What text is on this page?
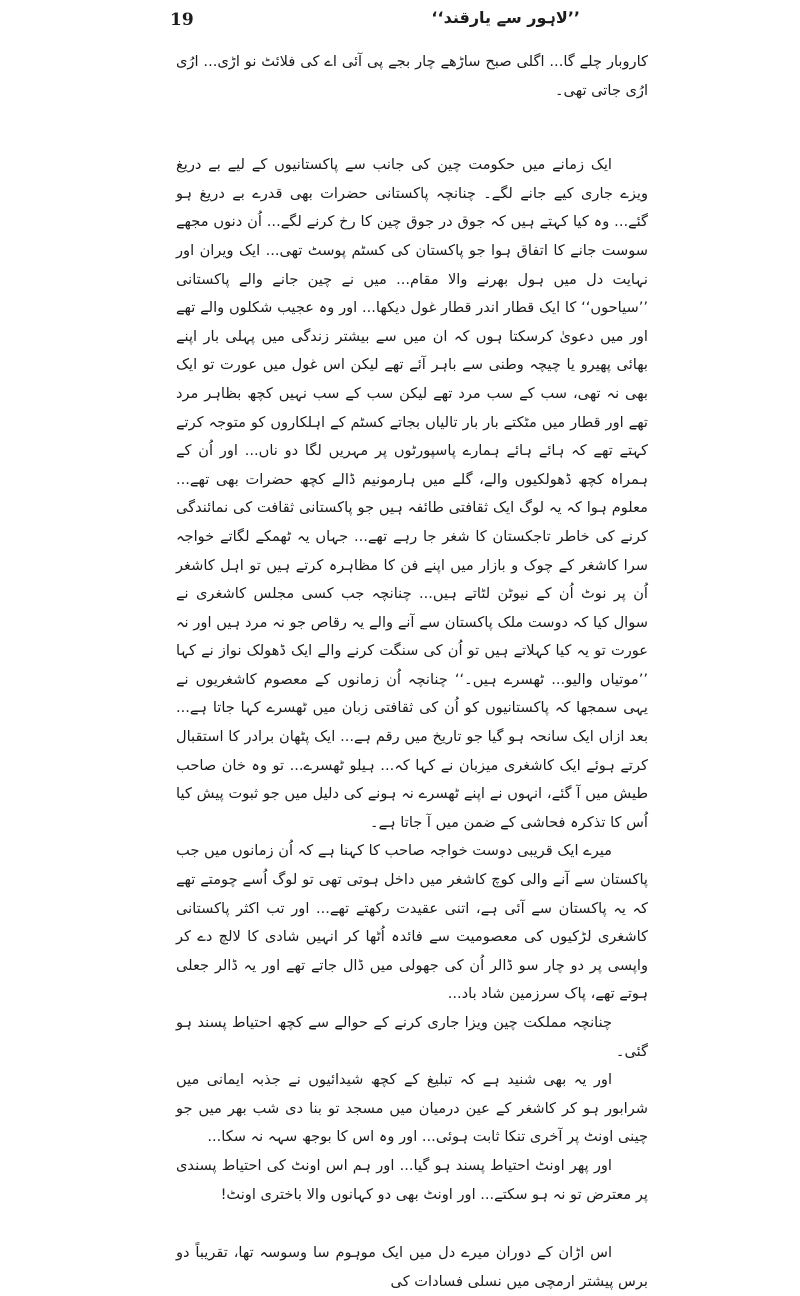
19	’’لاہور سے یارقند‘‘

کاروبار چلے گا... اگلی صبح ساڑھے چار بجے پی آئی اے کی فلائٹ نو اڑی... ارُی ارُی جاتی تھی۔

ایک زمانے میں حکومت چین کی جانب سے پاکستانیوں کے لیے بے دریغ ویزے جاری کیے جانے لگے۔ چنانچہ پاکستانی حضرات بھی قدرے بے دریغ ہو گئے... وہ کیا کہتے ہیں کہ جوق در جوق چین کا رخ کرنے لگے... اُن دنوں مجھے سوست جانے کا اتفاق ہوا جو پاکستان کی کسٹم پوسٹ تھی... ایک ویران اور نہایت دل میں ہول بھرنے والا مقام... میں نے چین جانے والے پاکستانی ’’سیاحوں‘‘ کا ایک قطار اندر قطار غول دیکھا... اور وہ عجیب شکلوں والے تھے اور میں دعویٰ کرسکتا ہوں کہ ان میں سے بیشتر زندگی میں پہلی بار اپنے بھائی پھیرو یا چیچہ وطنی سے باہر آئے تھے لیکن اس غول میں عورت تو ایک بھی نہ تھی، سب کے سب مرد تھے لیکن سب کے سب نہیں کچھ بظاہر مرد تھے اور قطار میں مٹکتے بار بار تالیاں بجاتے کسٹم کے اہلکاروں کو متوجہ کرتے کہتے تھے کہ ہائے ہائے ہمارے پاسپورٹوں پر مہریں لگا دو ناں... اور اُن کے ہمراہ کچھ ڈھولکیوں والے، گلے میں ہارمونیم ڈالے کچھ حضرات بھی تھے... معلوم ہوا کہ یہ لوگ ایک ثقافتی طائفہ ہیں جو پاکستانی ثقافت کی نمائندگی کرنے کی خاطر تاجکستان کا شغر جا رہے تھے... جہاں یہ ٹھمکے لگاتے خواجہ سرا کاشغر کے چوک و بازار میں اپنے فن کا مظاہرہ کرتے ہیں تو اہل کاشغر اُن پر نوٹ اُن کے نیوٹن لٹاتے ہیں... چنانچہ جب کسی مجلس کاشغری نے سوال کیا کہ دوست ملک پاکستان سے آنے والے یہ رقاص جو نہ مرد ہیں اور نہ عورت تو یہ کیا کہلاتے ہیں تو اُن کی سنگت کرنے والے ایک ڈھولک نواز نے کہا ’’موتیاں والیو... ٹھسرے ہیں۔‘‘ چنانچہ اُن زمانوں کے معصوم کاشغریوں نے یہی سمجھا کہ پاکستانیوں کو اُن کی ثقافتی زبان میں ٹھسرے کہا جاتا ہے... بعد ازاں ایک سانحہ ہو گیا جو تاریخ میں رقم ہے... ایک پٹھان برادر کا استقبال کرتے ہوئے ایک کاشغری میزبان نے کہا کہ... ہیلو ٹھسرے... تو وہ خان صاحب طیش میں آ گئے، انہوں نے اپنے ٹھسرے نہ ہونے کی دلیل میں جو ثبوت پیش کیا اُس کا تذکرہ فحاشی کے ضمن میں آ جاتا ہے۔

میرے ایک قریبی دوست خواجہ صاحب کا کہنا ہے کہ اُن زمانوں میں جب پاکستان سے آنے والی کوچ کاشغر میں داخل ہوتی تھی تو لوگ اُسے چومتے تھے کہ یہ پاکستان سے آئی ہے، اتنی عقیدت رکھتے تھے... اور تب اکثر پاکستانی کاشغری لڑکیوں کی معصومیت سے فائدہ اُٹھا کر انہیں شادی کا لالچ دے کر واپسی پر دو چار سو ڈالر اُن کی جھولی میں ڈال جاتے تھے اور یہ ڈالر جعلی ہوتے تھے، پاک سرزمین شاد باد...

چنانچہ مملکت چین ویزا جاری کرنے کے حوالے سے کچھ احتیاط پسند ہو گئی۔

اور یہ بھی شنید ہے کہ تبلیغ کے کچھ شیدائیوں نے جذبہ ایمانی میں شرابور ہو کر کاشغر کے عین درمیان میں مسجد تو بنا دی شب بھر میں جو چینی اونٹ پر آخری تنکا ثابت ہوئی... اور وہ اس کا بوجھ سہہ نہ سکا...

اور پھر اونٹ احتیاط پسند ہو گیا... اور ہم اس اونٹ کی احتیاط پسندی پر معترض تو نہ ہو سکتے... اور اونٹ بھی دو کہانوں والا باختری اونٹ!

اس اڑان کے دوران میرے دل میں ایک موہوم سا وسوسہ تھا، تقریباً دو برس پیشتر ارمچی میں نسلی فسادات کی
